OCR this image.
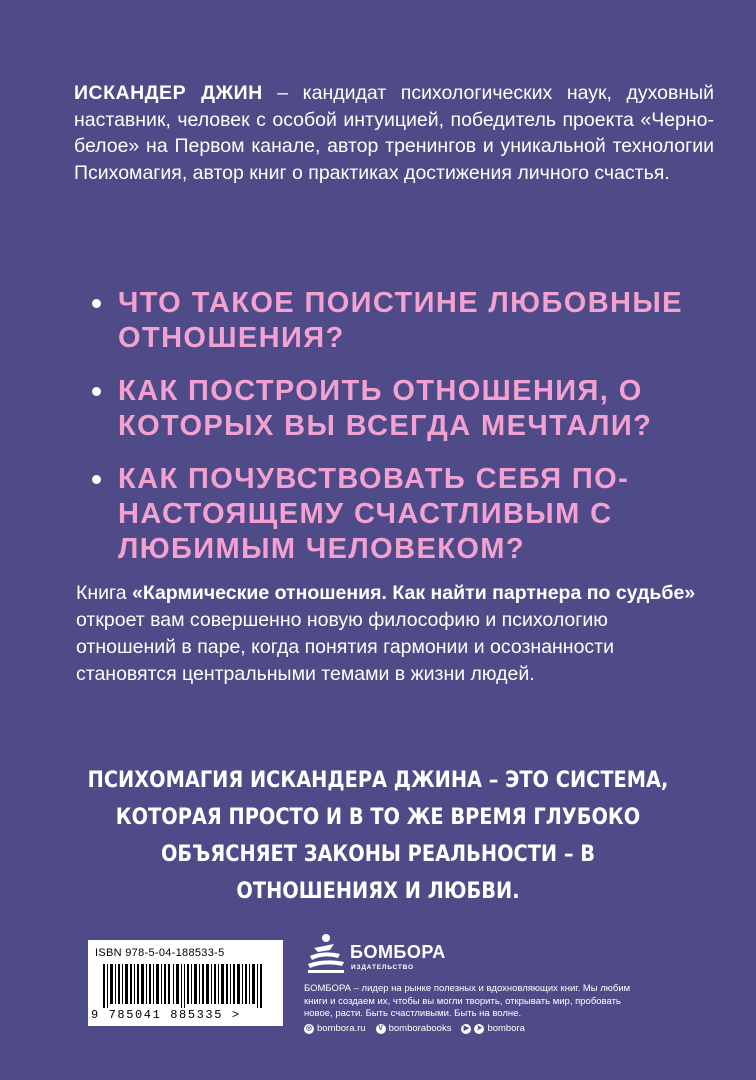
ИСКАНДЕР ДЖИН – кандидат психологических наук, духовный наставник, человек с особой интуицией, победитель проекта «Черно-белое» на Первом канале, автор тренингов и уникальной технологии Психомагия, автор книг о практиках достижения личного счастья.
ЧТО ТАКОЕ ПОИСТИНЕ ЛЮБОВНЫЕ ОТНОШЕНИЯ?
КАК ПОСТРОИТЬ ОТНОШЕНИЯ, О КОТОРЫХ ВЫ ВСЕГДА МЕЧТАЛИ?
КАК ПОЧУВСТВОВАТЬ СЕБЯ ПО-НАСТОЯЩЕМУ СЧАСТЛИВЫМ С ЛЮБИМЫМ ЧЕЛОВЕКОМ?
Книга «Кармические отношения. Как найти партнера по судьбе» откроет вам совершенно новую философию и психологию отношений в паре, когда понятия гармонии и осознанности становятся центральными темами в жизни людей.
ПСИХОМАГИЯ ИСКАНДЕРА ДЖИНА – ЭТО СИСТЕМА, КОТОРАЯ ПРОСТО И В ТО ЖЕ ВРЕМЯ ГЛУБОКО ОБЪЯСНЯЕТ ЗАКОНЫ РЕАЛЬНОСТИ – В ОТНОШЕНИЯХ И ЛЮБВИ.
ISBN 978-5-04-188533-5
9 785041 885335 >
БОМБОРА
ИЗДАТЕЛЬСТВО
БОМБОРА – лидер на рынке полезных и вдохновляющих книг. Мы любим книги и создаем их, чтобы вы могли творить, открывать мир, пробовать новое, расти. Быть счастливыми. Быть на волне.
◎ bombora.ru	V bomborabooks	▶	➤ bombora
